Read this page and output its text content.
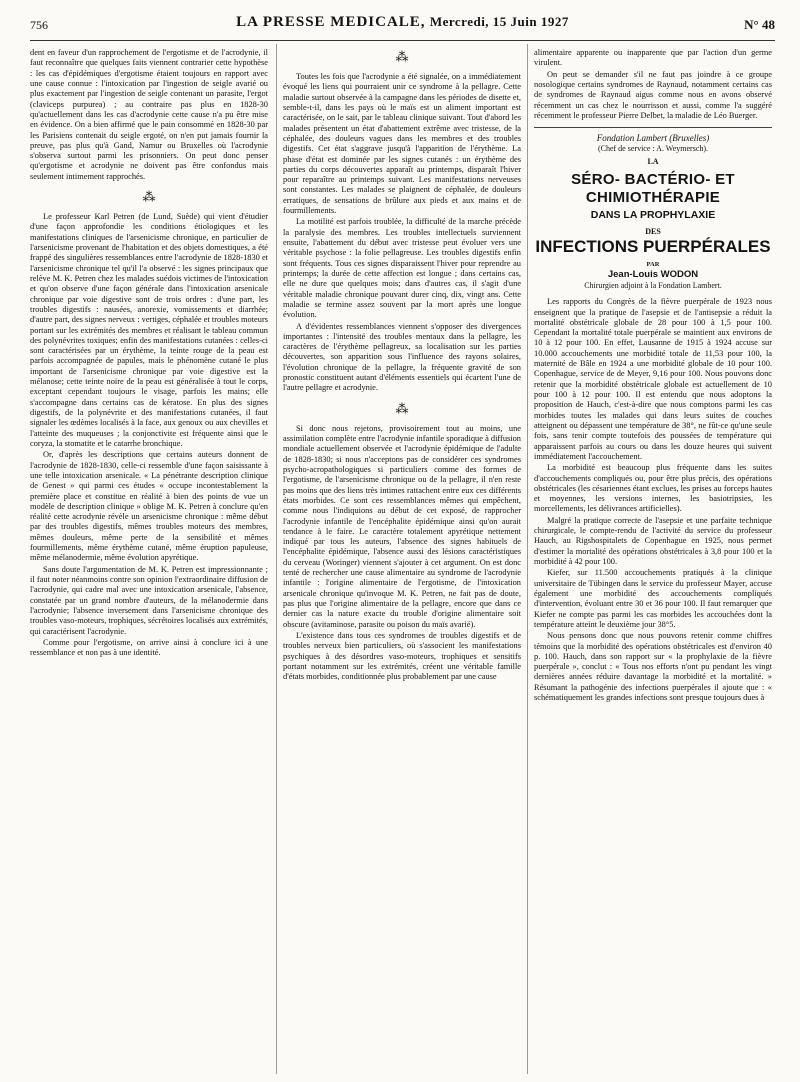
756	LA PRESSE MEDICALE, Mercredi, 15 Juin 1927	N° 48

dent en faveur d'un rapprochement de l'ergotisme et de l'acrodynie, il faut reconnaître que quelques faits viennent contrarier cette hypothèse : les cas d'épidémiques d'ergotisme étaient toujours en rapport avec une cause connue : l'intoxication par l'ingestion de seigle avarié ou plus exactement par l'ingestion de seigle contenant un parasite, l'ergot (claviceps purpurea) ; au contraire pas plus en 1828-30 qu'actuellement dans les cas d'acrodynie cette cause n'a pu être mise en évidence. On a bien affirmé que le pain consommé en 1828-30 par les Parisiens contenait du seigle ergoté, on n'en put jamais fournir la preuve, pas plus qu'à Gand, Namur ou Bruxelles où l'acrodynie s'observa surtout parmi les prisonniers. On peut donc penser qu'ergotisme et acrodynie ne doivent pas être confondus mais seulement intimement rapprochés.

⁂

Le professeur Karl Petren (de Lund, Suède) qui vient d'étudier d'une façon approfondie les conditions étiologiques et les manifestations cliniques de l'arsenicisme chronique, en particulier de l'arsenicisme provenant de l'habitation et des objets domestiques, a été frappé des singulières ressemblances entre l'acrodynie de 1828-1830 et l'arsenicisme chronique tel qu'il l'a observé : les signes principaux que relève M. K. Petren chez les malades suédois victimes de l'intoxication et qu'on observe d'une façon générale dans l'intoxication arsenicale chronique par voie digestive sont de trois ordres : d'une part, les troubles digestifs : nausées, anorexie, vomissements et diarrhée; d'autre part, des signes nerveux : vertiges, céphalée et troubles moteurs portant sur les extrémités des membres et réalisant le tableau commun des polynévrites toxiques; enfin des manifestations cutanées : celles-ci sont caractérisées par un érythème, la teinte rouge de la peau est parfois accompagnée de papules, mais le phénomène cutané le plus important de l'arsenicisme chronique par voie digestive est la mélanose; cette teinte noire de la peau est généralisée à tout le corps, exceptant cependant toujours le visage, parfois les mains; elle s'accompagne dans certains cas de kératose. En plus des signes digestifs, de la polynévrite et des manifestations cutanées, il faut signaler les œdèmes localisés à la face, aux genoux ou aux chevilles et l'atteinte des muqueuses ; la conjonctivite est fréquente ainsi que le coryza, la stomatite et le catarrhe bronchique.

Or, d'après les descriptions que certains auteurs donnent de l'acrodynie de 1828-1830, celle-ci ressemble d'une façon saisissante à une telle intoxication arsenicale. « La pénétrante description clinique de Genest » qui parmi ces études « occupe incontestablement la première place et constitue en réalité à bien des points de vue un modèle de description clinique » oblige M. K. Petren à conclure qu'en réalité cette acrodynie révèle un arsenicisme chronique : même début par des troubles digestifs, mêmes troubles moteurs des membres, mêmes douleurs, même perte de la sensibilité et mêmes fourmillements, même érythème cutané, même éruption papuleuse, même mélanodermie, même évolution apyrétique.

Sans doute l'argumentation de M. K. Petren est impressionnante ; il faut noter néanmoins contre son opinion l'extraordinaire diffusion de l'acrodynie, qui cadre mal avec une intoxication arsenicale, l'absence, constatée par un grand nombre d'auteurs, de la mélanodermie dans l'acrodynie; l'absence inversement dans l'arsenicisme chronique des troubles vaso-moteurs, trophiques, sécrétoires localisés aux extrémités, qui caractérisent l'acrodynie.

Comme pour l'ergotisme, on arrive ainsi à conclure ici à une ressemblance et non pas à une identité.

⁂

Toutes les fois que l'acrodynie a été signalée, on a immédiatement évoqué les liens qui pourraient unir ce syndrome à la pellagre. Cette maladie surtout observée à la campagne dans les périodes de disette et, semble-t-il, dans les pays où le maïs est un aliment important est caractérisée, on le sait, par le tableau clinique suivant. Tout d'abord les malades présentent un état d'abattement extrême avec tristesse, de la céphalée, des douleurs vagues dans les membres et des troubles digestifs. Cet état s'aggrave jusqu'à l'apparition de l'érythème. La phase d'état est dominée par les signes cutanés : un érythème des parties du corps découvertes apparaît au printemps, disparaît l'hiver pour reparaître au printemps suivant. Les manifestations nerveuses sont constantes. Les malades se plaignent de céphalée, de douleurs erratiques, de sensations de brûlure aux pieds et aux mains et de fourmillements.

La motilité est parfois troublée, la difficulté de la marche précède la paralysie des membres. Les troubles intellectuels surviennent ensuite, l'abattement du début avec tristesse peut évoluer vers une véritable psychose : la folie pellagreuse. Les troubles digestifs enfin sont fréquents. Tous ces signes disparaissent l'hiver pour reprendre au printemps; la durée de cette affection est longue ; dans certains cas, elle ne dure que quelques mois; dans d'autres cas, il s'agit d'une véritable maladie chronique pouvant durer cinq, dix, vingt ans. Cette maladie se termine assez souvent par la mort après une longue évolution.

A d'évidentes ressemblances viennent s'opposer des divergences importantes : l'intensité des troubles mentaux dans la pellagre, les caractères de l'érythème pellagreux, sa localisation sur les parties découvertes, son apparition sous l'influence des rayons solaires, l'évolution chronique de la pellagre, la fréquente gravité de son pronostic constituent autant d'éléments essentiels qui écartent l'une de l'autre pellagre et acrodynie.

⁂

Si donc nous rejetons, provisoirement tout au moins, une assimilation complète entre l'acrodynie infantile sporadique à diffusion mondiale actuellement observée et l'acrodynie épidémique de l'adulte de 1828-1830; si nous n'acceptons pas de considérer ces syndromes psycho-acropathologiques si particuliers comme des formes de l'ergotisme, de l'arsenicisme chronique ou de la pellagre, il n'en reste pas moins que des liens très intimes rattachent entre eux ces différents états morbides. Ce sont ces ressemblances mêmes qui empêchent, comme nous l'indiquions au début de cet exposé, de rapprocher l'acrodynie infantile de l'encéphalite épidémique ainsi qu'on aurait tendance à le faire. Le caractère totalement apyrétique nettement indiqué par tous les auteurs, l'absence des signes habituels de l'encéphalite épidémique, l'absence aussi des lésions caractéristiques du cerveau (Woringer) viennent s'ajouter à cet argument. On est donc tenté de rechercher une cause alimentaire au syndrome de l'acrodynie infantile : l'origine alimentaire de l'ergotisme, de l'intoxication arsenicale chronique qu'invoque M. K. Petren, ne fait pas de doute, pas plus que l'origine alimentaire de la pellagre, encore que dans ce dernier cas la nature exacte du trouble d'origine alimentaire soit obscure (avitaminose, parasite ou poison du maïs avarié).

L'existence dans tous ces syndromes de troubles digestifs et de troubles nerveux bien particuliers, où s'associent les manifestations psychiques à des désordres vaso-moteurs, trophiques et sensitifs portant notamment sur les extrémités, créent une véritable famille d'états morbides, conditionnée plus probablement par une cause

alimentaire apparente ou inapparente que par l'action d'un germe virulent.

On peut se demander s'il ne faut pas joindre à ce groupe nosologique certains syndromes de Raynaud, notamment certains cas de syndromes de Raynaud aigus comme nous en avons observé récemment un cas chez le nourrisson et aussi, comme l'a suggéré récemment le professeur Pierre Delbet, la maladie de Léo Buerger.

Fondation Lambert (Bruxelles)
(Chef de service : A. Weymersch).
LA
SÉRO- BACTÉRIO- ET CHIMIOTHÉRAPIE
DANS LA PROPHYLAXIE
DES
INFECTIONS PUERPÉRALES
PAR
Jean-Louis WODON
Chirurgien adjoint à la Fondation Lambert.

Les rapports du Congrès de la fièvre puerpérale de 1923 nous enseignent que la pratique de l'asepsie et de l'antisepsie a réduit la mortalité obstétricale globale de 28 pour 100 à 1,5 pour 100. Cependant la mortalité totale puerpérale se maintient aux environs de 10 à 12 pour 100. En effet, Lausanne de 1915 à 1924 accuse sur 10.000 accouchements une morbidité totale de 11,53 pour 100, la maternité de Bâle en 1924 a une morbidité globale de 10 pour 100. Copenhague, service de de Meyer, 9,16 pour 100. Nous pouvons donc retenir que la morbidité obstétricale globale est actuellement de 10 pour 100 à 12 pour 100. Il est entendu que nous adoptons la proposition de Hauch, c'est-à-dire que nous comptons parmi les cas morbides toutes les malades qui dans leurs suites de couches atteignent ou dépassent une température de 38°, ne fût-ce qu'une seule fois, sans tenir compte toutefois des poussées de température qui apparaissent parfois au cours ou dans les douze heures qui suivent immédiatement l'accouchement.

La morbidité est beaucoup plus fréquente dans les suites d'accouchements compliqués ou, pour être plus précis, des opérations obstétricales (les césariennes étant exclues, les prises au forceps hautes et moyennes, les versions internes, les basiotripsies, les morcellements, les délivrances artificielles).

Malgré la pratique correcte de l'asepsie et une parfaite technique chirurgicale, le compte-rendu de l'activité du service du professeur Hauch, au Rigshospitalets de Copenhague en 1925, nous permet d'estimer la mortalité des opérations obstétricales à 3,8 pour 100 et la morbidité à 42 pour 100.

Kiefer, sur 11.500 accouchements pratiqués à la clinique universitaire de Tübingen dans le service du professeur Mayer, accuse également une morbidité des accouchements compliqués d'intervention, évoluant entre 30 et 36 pour 100. Il faut remarquer que Kiefer ne compte pas parmi les cas morbides les accouchées dont la température atteint le deuxième jour 38°5.

Nous pensons donc que nous pouvons retenir comme chiffres témoins que la morbidité des opérations obstétricales est d'environ 40 p. 100. Hauch, dans son rapport sur « la prophylaxie de la fièvre puerpérale », conclut : « Tous nos efforts n'ont pu pendant les vingt dernières années réduire davantage la morbidité et la mortalité. » Résumant la pathogénie des infections puerpérales il ajoute que : « schématiquement les grandes infections sont presque toujours dues à
